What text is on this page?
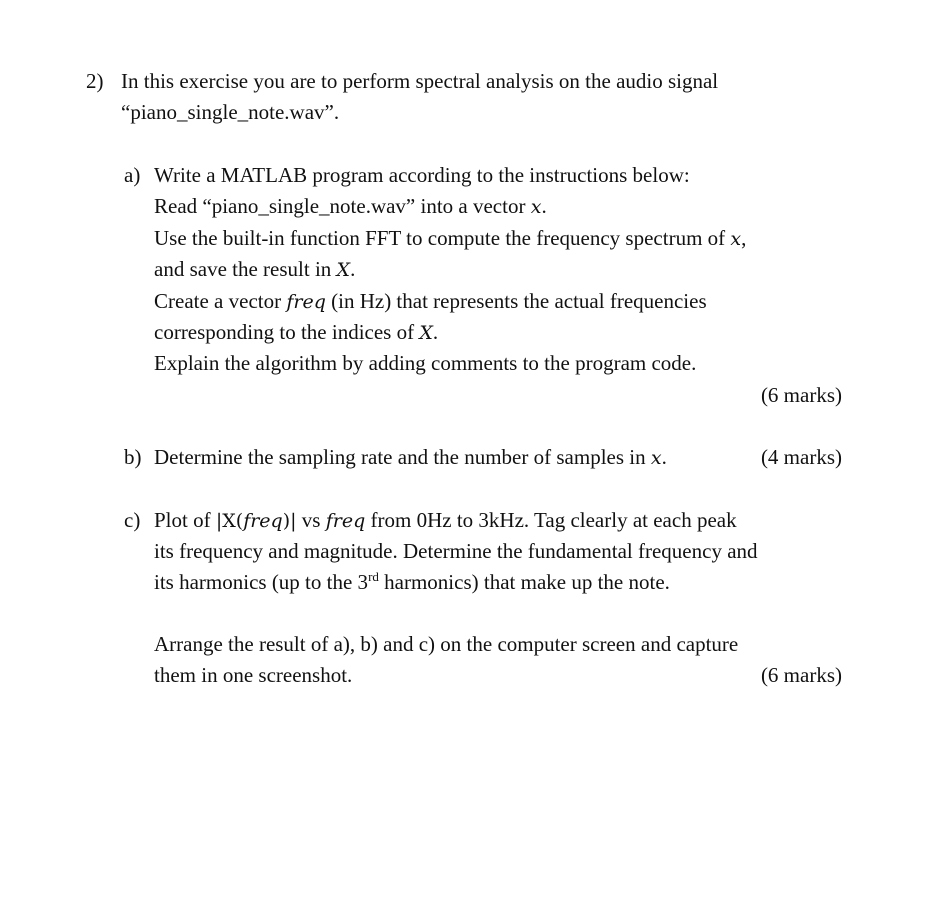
2) In this exercise you are to perform spectral analysis on the audio signal
“piano_single_note.wav”.
a) Write a MATLAB program according to the instructions below:
Read “piano_single_note.wav” into a vector x.
Use the built-in function FFT to compute the frequency spectrum of x,
and save the result in X.
Create a vector freq (in Hz) that represents the actual frequencies
corresponding to the indices of X.
Explain the algorithm by adding comments to the program code.
(6 marks)
b) Determine the sampling rate and the number of samples in x.	(4 marks)
c) Plot of |X(freq)| vs freq from 0Hz to 3kHz. Tag clearly at each peak
its frequency and magnitude. Determine the fundamental frequency and
its harmonics (up to the 3rd harmonics) that make up the note.
Arrange the result of a), b) and c) on the computer screen and capture
them in one screenshot.	(6 marks)
